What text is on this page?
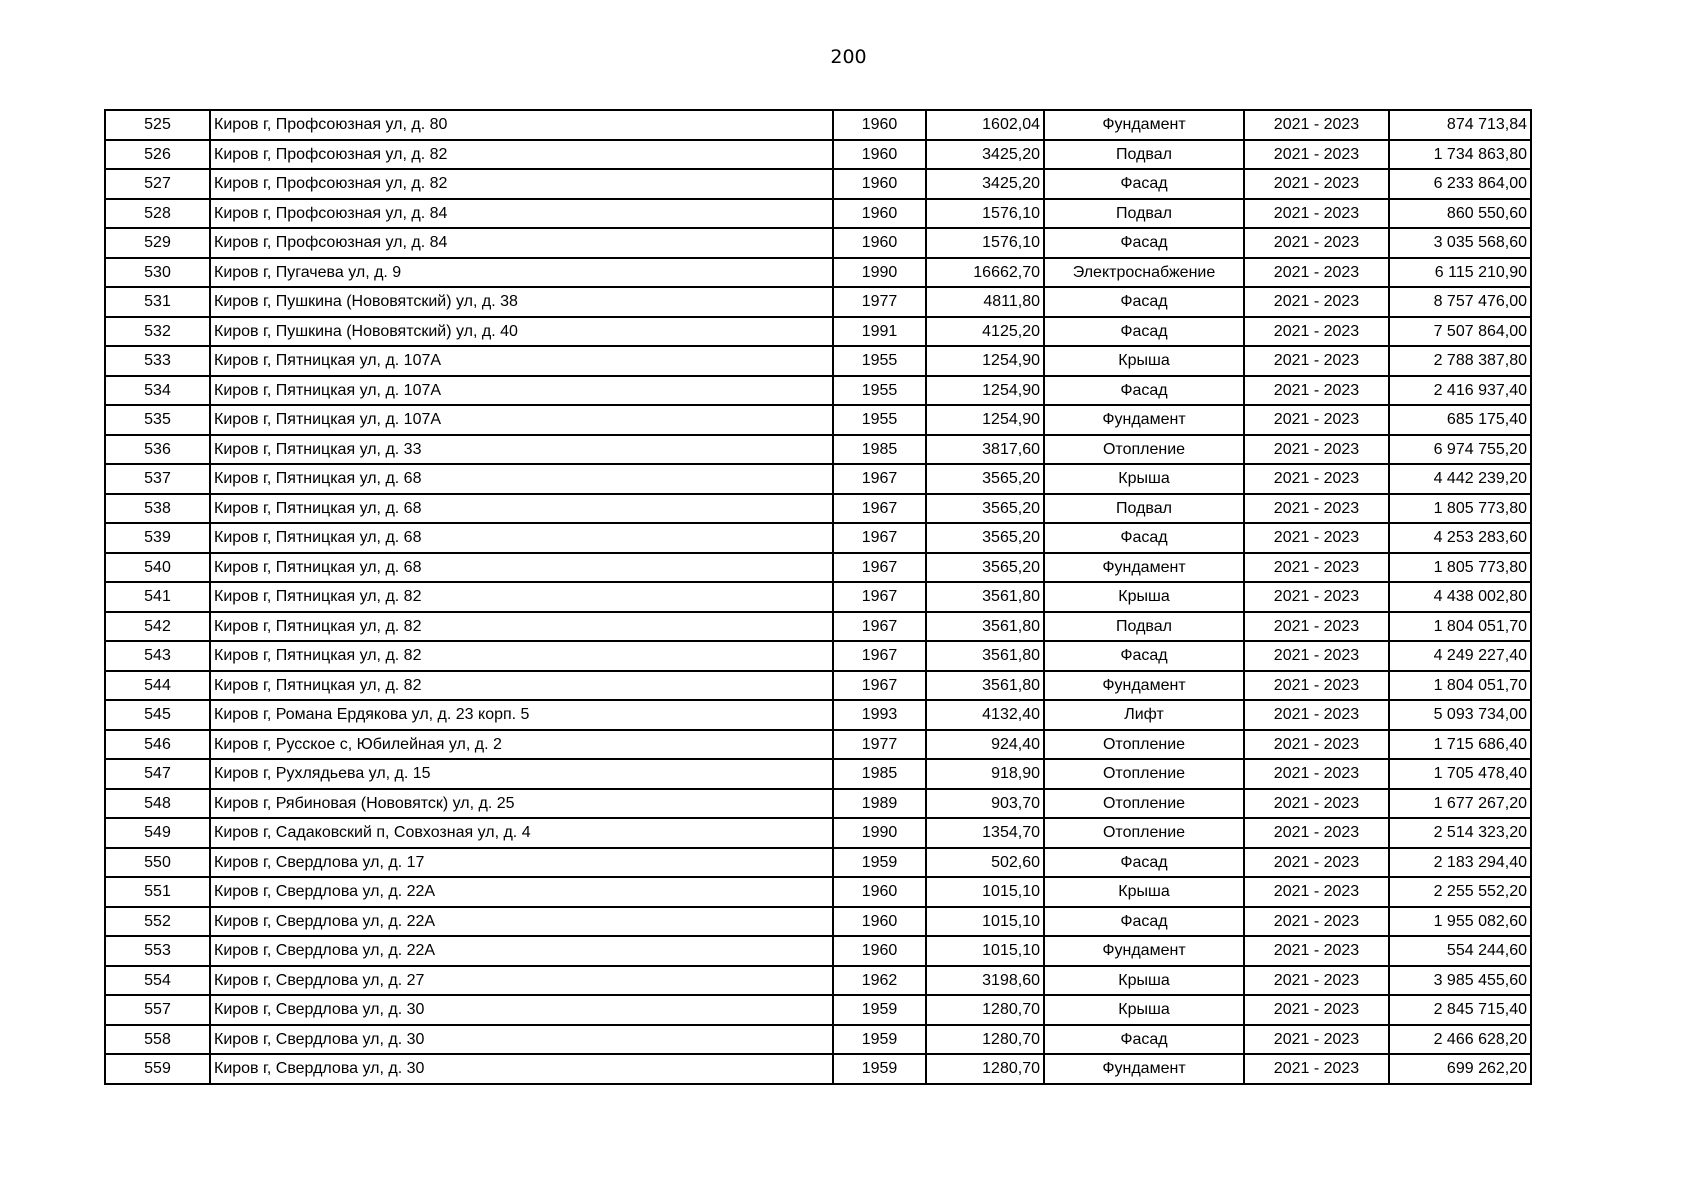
200
525	Киров г, Профсоюзная ул, д. 80	1960	1602,04	Фундамент	2021 - 2023	874 713,84
526	Киров г, Профсоюзная ул, д. 82	1960	3425,20	Подвал	2021 - 2023	1 734 863,80
527	Киров г, Профсоюзная ул, д. 82	1960	3425,20	Фасад	2021 - 2023	6 233 864,00
528	Киров г, Профсоюзная ул, д. 84	1960	1576,10	Подвал	2021 - 2023	860 550,60
529	Киров г, Профсоюзная ул, д. 84	1960	1576,10	Фасад	2021 - 2023	3 035 568,60
530	Киров г, Пугачева ул, д. 9	1990	16662,70	Электроснабжение	2021 - 2023	6 115 210,90
531	Киров г, Пушкина (Нововятский) ул, д. 38	1977	4811,80	Фасад	2021 - 2023	8 757 476,00
532	Киров г, Пушкина (Нововятский) ул, д. 40	1991	4125,20	Фасад	2021 - 2023	7 507 864,00
533	Киров г, Пятницкая ул, д. 107А	1955	1254,90	Крыша	2021 - 2023	2 788 387,80
534	Киров г, Пятницкая ул, д. 107А	1955	1254,90	Фасад	2021 - 2023	2 416 937,40
535	Киров г, Пятницкая ул, д. 107А	1955	1254,90	Фундамент	2021 - 2023	685 175,40
536	Киров г, Пятницкая ул, д. 33	1985	3817,60	Отопление	2021 - 2023	6 974 755,20
537	Киров г, Пятницкая ул, д. 68	1967	3565,20	Крыша	2021 - 2023	4 442 239,20
538	Киров г, Пятницкая ул, д. 68	1967	3565,20	Подвал	2021 - 2023	1 805 773,80
539	Киров г, Пятницкая ул, д. 68	1967	3565,20	Фасад	2021 - 2023	4 253 283,60
540	Киров г, Пятницкая ул, д. 68	1967	3565,20	Фундамент	2021 - 2023	1 805 773,80
541	Киров г, Пятницкая ул, д. 82	1967	3561,80	Крыша	2021 - 2023	4 438 002,80
542	Киров г, Пятницкая ул, д. 82	1967	3561,80	Подвал	2021 - 2023	1 804 051,70
543	Киров г, Пятницкая ул, д. 82	1967	3561,80	Фасад	2021 - 2023	4 249 227,40
544	Киров г, Пятницкая ул, д. 82	1967	3561,80	Фундамент	2021 - 2023	1 804 051,70
545	Киров г, Романа Ердякова ул, д. 23 корп. 5	1993	4132,40	Лифт	2021 - 2023	5 093 734,00
546	Киров г, Русское с, Юбилейная ул, д. 2	1977	924,40	Отопление	2021 - 2023	1 715 686,40
547	Киров г, Рухлядьева ул, д. 15	1985	918,90	Отопление	2021 - 2023	1 705 478,40
548	Киров г, Рябиновая (Нововятск) ул, д. 25	1989	903,70	Отопление	2021 - 2023	1 677 267,20
549	Киров г, Садаковский п, Совхозная ул, д. 4	1990	1354,70	Отопление	2021 - 2023	2 514 323,20
550	Киров г, Свердлова ул, д. 17	1959	502,60	Фасад	2021 - 2023	2 183 294,40
551	Киров г, Свердлова ул, д. 22А	1960	1015,10	Крыша	2021 - 2023	2 255 552,20
552	Киров г, Свердлова ул, д. 22А	1960	1015,10	Фасад	2021 - 2023	1 955 082,60
553	Киров г, Свердлова ул, д. 22А	1960	1015,10	Фундамент	2021 - 2023	554 244,60
554	Киров г, Свердлова ул, д. 27	1962	3198,60	Крыша	2021 - 2023	3 985 455,60
557	Киров г, Свердлова ул, д. 30	1959	1280,70	Крыша	2021 - 2023	2 845 715,40
558	Киров г, Свердлова ул, д. 30	1959	1280,70	Фасад	2021 - 2023	2 466 628,20
559	Киров г, Свердлова ул, д. 30	1959	1280,70	Фундамент	2021 - 2023	699 262,20
